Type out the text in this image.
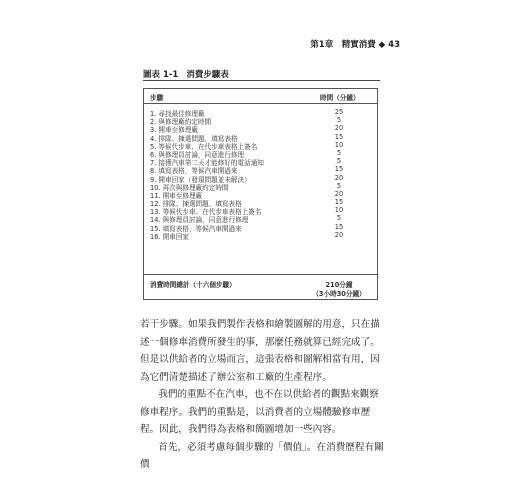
第1章　精實消費 ◆ 43
圖表 1-1 消費步驟表
步驟	時間（分鐘）
1. 尋找最佳修理廠	25
2. 與修理廠約定時間	5
3. 開車至修理廠	20
4. 排隊、揀選問題、填寫表格	15
5. 等候代步車、在代步車表格上簽名	10
6. 與修理員討論，同意進行修理	5
7. 接獲汽車第二天才能修好的電話通知	5
8. 填寫表格，等候汽車開過來	15
9. 開車回家（發現問題並未解決）	20
10. 再次與修理廠約定時間	5
11. 開車至修理廠	20
12. 排隊、揀選問題、填寫表格	15
13. 等候代步車、在代步車表格上簽名	10
14. 與修理員討論，同意進行修理	5
15. 填寫表格，等候汽車開過來	15
16. 開車回家	20
消費時間總計（十六個步驟）	210分鐘
（3小時30分鐘）

若干步驟。如果我們製作表格和繪製圖解的用意，只在描述一個修車消費所發生的事，那麼任務就算已經完成了。但是以供給者的立場而言，這張表格和圖解相當有用，因為它們清楚描述了辦公室和工廠的生產程序。

我們的重點不在汽車，也不在以供給者的觀點來觀察修車程序。我們的重點是，以消費者的立場體驗修車歷程。因此，我們得為表格和簡圖增加一些內容。

首先，必須考慮每個步驟的「價值」。在消費歷程有關價
